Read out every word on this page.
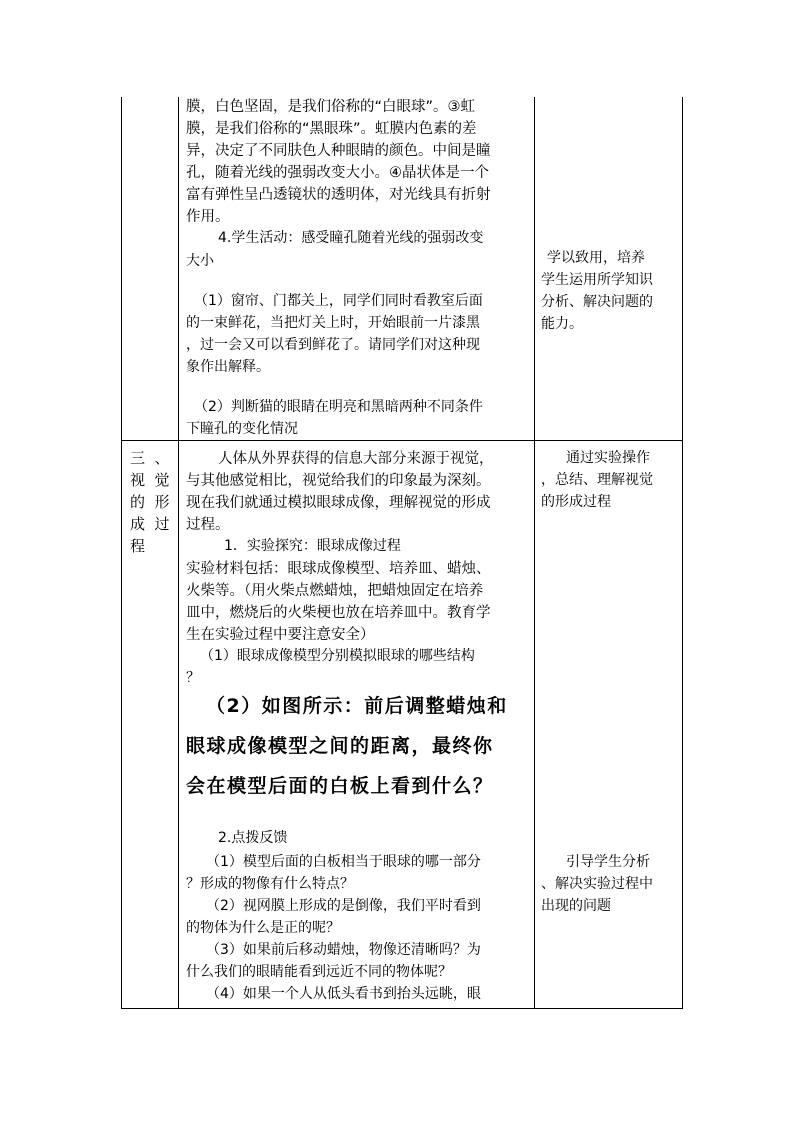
膜，白色坚固，是我们俗称的“白眼球”。③虹
膜，是我们俗称的“黑眼珠”。虹膜内色素的差
异，决定了不同肤色人种眼睛的颜色。中间是瞳
孔，随着光线的强弱改变大小。④晶状体是一个
富有弹性呈凸透镜状的透明体，对光线具有折射
作用。
4.学生活动：感受瞳孔随着光线的强弱改变
大小
（1）窗帘、门都关上，同学们同时看教室后面
的一束鲜花，当把灯关上时，开始眼前一片漆黑
，过一会又可以看到鲜花了。请同学们对这种现
象作出解释。
（2）判断猫的眼睛在明亮和黑暗两种不同条件
下瞳孔的变化情况
学以致用，培养
学生运用所学知识
分析、解决问题的
能力。
三  、
视  觉
的  形
成  过
程
人体从外界获得的信息大部分来源于视觉，
与其他感觉相比，视觉给我们的印象最为深刻。
现在我们就通过模拟眼球成像，理解视觉的形成
过程。
1．实验探究：眼球成像过程
实验材料包括：眼球成像模型、培养皿、蜡烛、
火柴等。（用火柴点燃蜡烛，把蜡烛固定在培养
皿中，燃烧后的火柴梗也放在培养皿中。教育学
生在实验过程中要注意安全）
（1）眼球成像模型分别模拟眼球的哪些结构
？
（2）如图所示：前后调整蜡烛和
眼球成像模型之间的距离，最终你
会在模型后面的白板上看到什么？
2.点拨反馈
（1）模型后面的白板相当于眼球的哪一部分
？形成的物像有什么特点？
（2）视网膜上形成的是倒像，我们平时看到
的物体为什么是正的呢？
（3）如果前后移动蜡烛，物像还清晰吗？为
什么我们的眼睛能看到远近不同的物体呢？
（4）如果一个人从低头看书到抬头远眺，眼
通过实验操作
，总结、理解视觉
的形成过程
引导学生分析
、解决实验过程中
出现的问题
